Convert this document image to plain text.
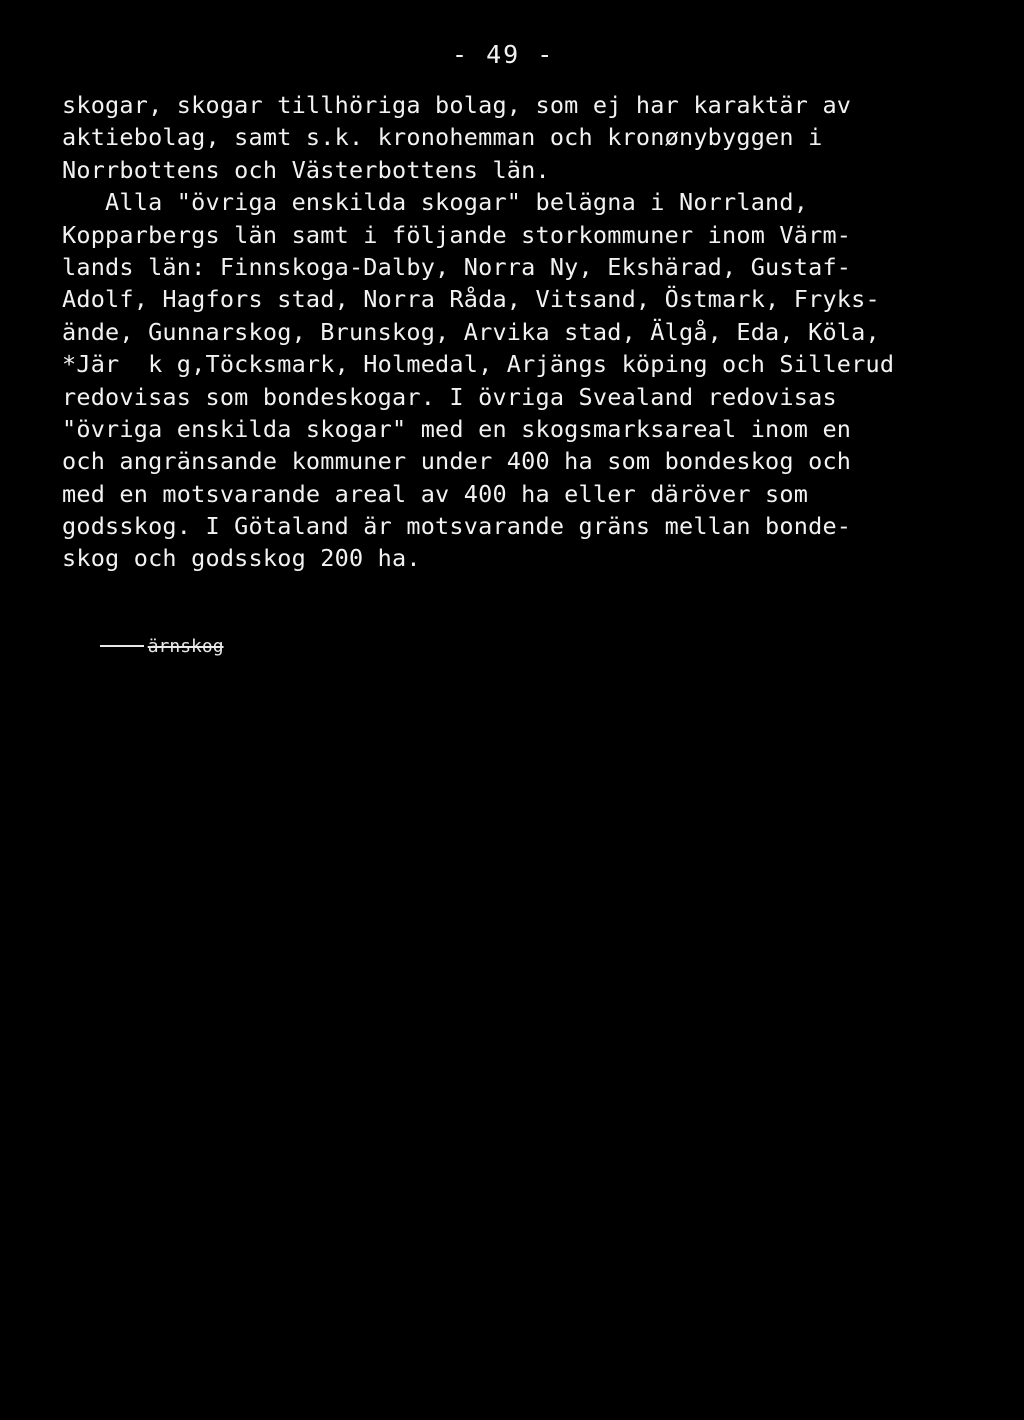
- 49 -
skogar, skogar tillhöriga bolag, som ej har karaktär av
aktiebolag, samt s.k. kronohemman och kronønybyggen i
Norrbottens och Västerbottens län.
Alla "övriga enskilda skogar" belägna i Norrland,
Kopparbergs län samt i följande storkommuner inom Värm-
lands län: Finnskoga-Dalby, Norra Ny, Ekshärad, Gustaf-
Adolf, Hagfors stad, Norra Råda, Vitsand, Östmark, Fryks-
ände, Gunnarskog, Brunskog, Arvika stad, Älgå, Eda, Köla,
*Jär  k g,Töcksmark, Holmedal, Arjängs köping och Sillerud
redovisas som bondeskogar. I övriga Svealand redovisas
"övriga enskilda skogar" med en skogsmarksareal inom en
och angränsande kommuner under 400 ha som bondeskog och
med en motsvarande areal av 400 ha eller däröver som
godsskog. I Götaland är motsvarande gräns mellan bonde-
skog och godsskog 200 ha.

ärnskog
